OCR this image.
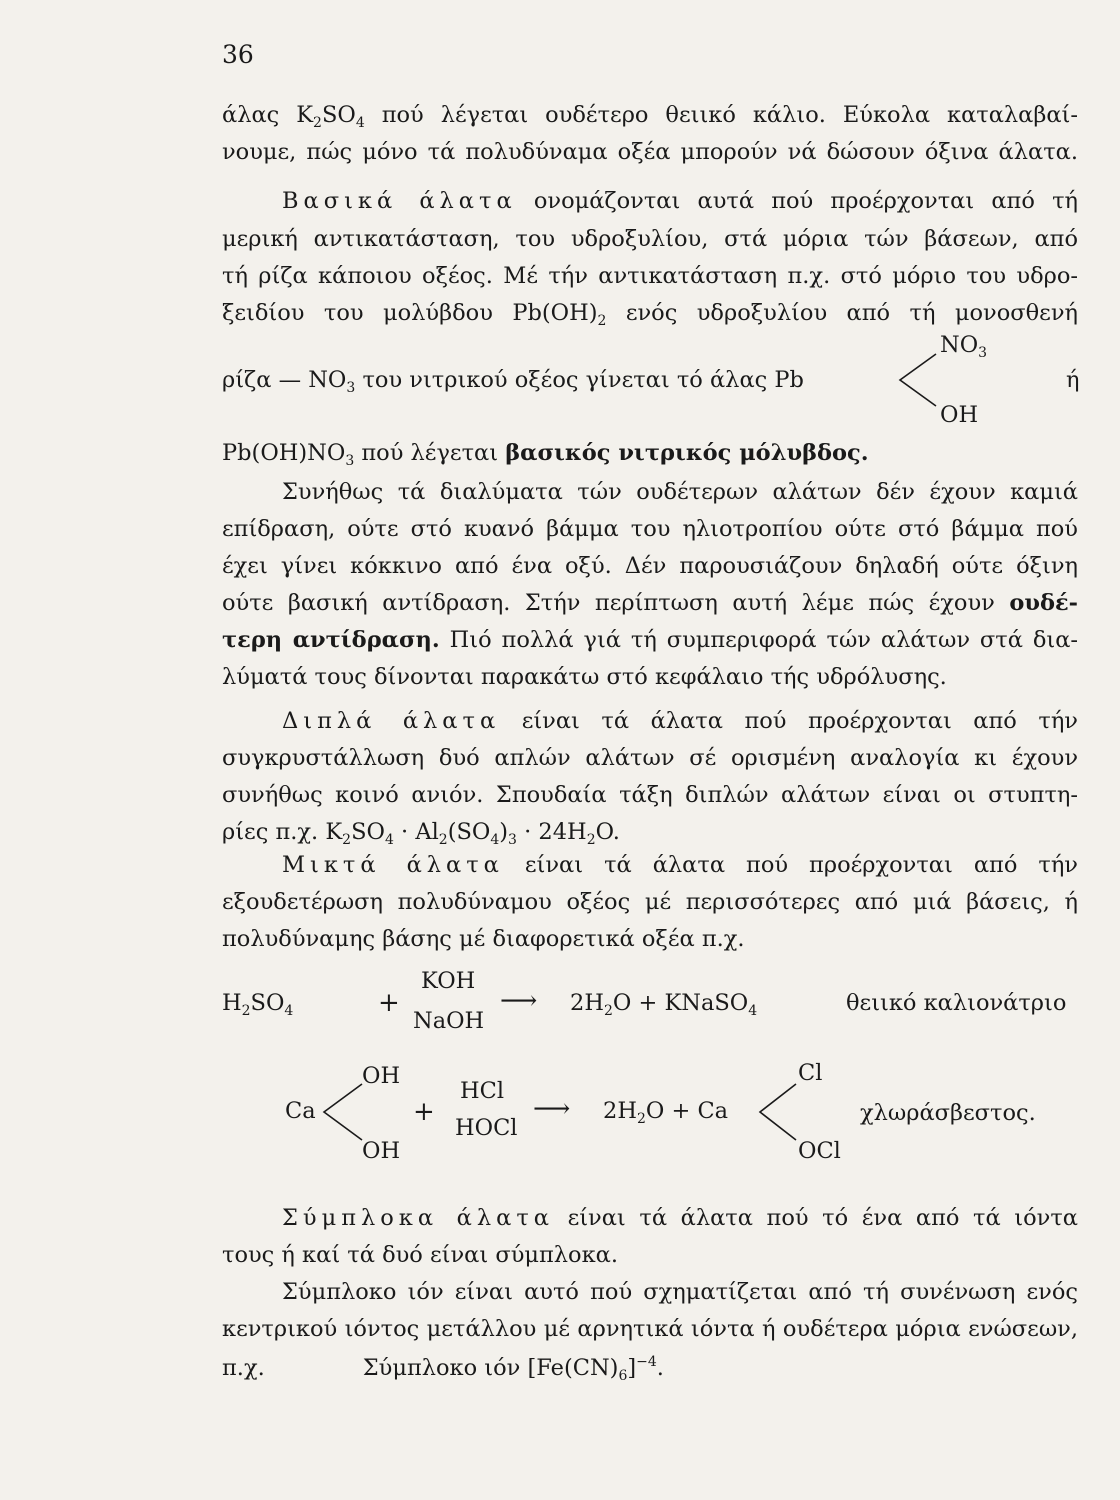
36
άλας $K_2SO_4$ πού λέγεται ουδέτερο θειικό κάλιο. Εύκολα καταλαβαί-
νουμε, πώς μόνο τά πολυδύναμα οξέα μπορούν νά δώσουν όξινα άλατα.
Βασικά άλατα ονομάζονται αυτά πού προέρχονται από τή
μερική αντικατάσταση, του υδροξυλίου, στά μόρια τών βάσεων, από
τή ρίζα κάποιου οξέος. Μέ τήν αντικατάσταση π.χ. στό μόριο του υδρο-
ξειδίου του μολύβδου $Pb(OH)_2$ ενός υδροξυλίου από τή μονοσθενή
ρίζα — $NO_3$ του νιτρικού οξέος γίνεται τό άλας Pb
$NO_3$
OH
ή
$Pb(OH)NO_3$ πού λέγεται βασικός νιτρικός μόλυβδος.
Συνήθως τά διαλύματα τών ουδέτερων αλάτων δέν έχουν καμιά
επίδραση, ούτε στό κυανό βάμμα του ηλιοτροπίου ούτε στό βάμμα πού
έχει γίνει κόκκινο από ένα οξύ. Δέν παρουσιάζουν δηλαδή ούτε όξινη
ούτε βασική αντίδραση. Στήν περίπτωση αυτή λέμε πώς έχουν ουδέ-
τερη αντίδραση. Πιό πολλά γιά τή συμπεριφορά τών αλάτων στά δια-
λύματά τους δίνονται παρακάτω στό κεφάλαιο τής υδρόλυσης.
Διπλά άλατα είναι τά άλατα πού προέρχονται από τήν
συγκρυστάλλωση δυό απλών αλάτων σέ ορισμένη αναλογία κι έχουν
συνήθως κοινό ανιόν. Σπουδαία τάξη διπλών αλάτων είναι οι στυπτη-
ρίες π.χ. $K_2SO_4 \cdot Al_2(SO_4)_3 \cdot 24H_2O$.
Μικτά άλατα είναι τά άλατα πού προέρχονται από τήν
εξουδετέρωση πολυδύναμου οξέος μέ περισσότερες από μιά βάσεις, ή
πολυδύναμης βάσης μέ διαφορετικά οξέα π.χ.
$H_2SO_4$	+
KOH
NaOH
⟶ $2H_2O$ + KNaSO$_4$	θειικό καλιονάτριο
Ca
OH
OH
+
HCl
HOCl
⟶ $2H_2O + Ca$
Cl
OCl
χλωράσβεστος.
Σύμπλοκα άλατα είναι τά άλατα πού τό ένα από τά ιόντα
τους ή καί τά δυό είναι σύμπλοκα.
Σύμπλοκο ιόν είναι αυτό πού σχηματίζεται από τή συνένωση ενός
κεντρικού ιόντος μετάλλου μέ αρνητικά ιόντα ή ουδέτερα μόρια ενώσεων,
π.χ.	Σύμπλοκο ιόν $[Fe(CN)_6]^{-4}$.
